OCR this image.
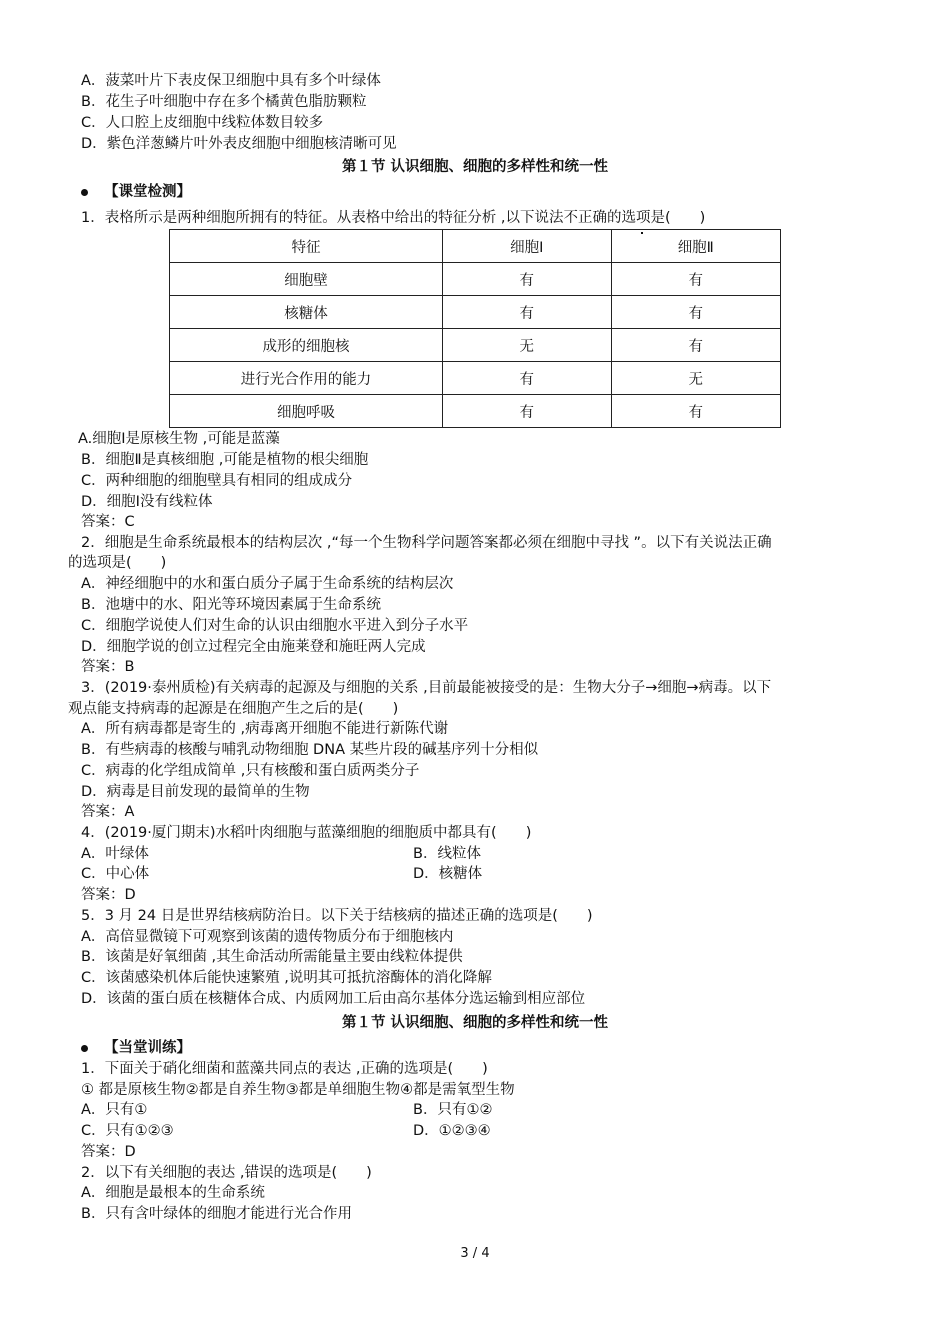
A．菠菜叶片下表皮保卫细胞中具有多个叶绿体
B．花生子叶细胞中存在多个橘黄色脂肪颗粒
C．人口腔上皮细胞中线粒体数目较多
D．紫色洋葱鳞片叶外表皮细胞中细胞核清晰可见
第１节 认识细胞、细胞的多样性和统一性
【课堂检测】
1．表格所示是两种细胞所拥有的特征。从表格中给出的特征分析 ,以下说法不正确的选项是(　　)
特征	细胞Ⅰ	细胞Ⅱ
细胞壁	有	有
核糖体	有	有
成形的细胞核	无	有
进行光合作用的能力	有	无
细胞呼吸	有	有
A.细胞Ⅰ是原核生物 ,可能是蓝藻
B．细胞Ⅱ是真核细胞 ,可能是植物的根尖细胞
C．两种细胞的细胞壁具有相同的组成成分
D．细胞Ⅰ没有线粒体
答案：C
2．细胞是生命系统最根本的结构层次 ,“每一个生物科学问题答案都必须在细胞中寻找 ”。以下有关说法正确
的选项是(　　)
A．神经细胞中的水和蛋白质分子属于生命系统的结构层次
B．池塘中的水、阳光等环境因素属于生命系统
C．细胞学说使人们对生命的认识由细胞水平进入到分子水平
D．细胞学说的创立过程完全由施莱登和施旺两人完成
答案：B
3．(2019·泰州质检)有关病毒的起源及与细胞的关系 ,目前最能被接受的是：生物大分子→细胞→病毒。以下
观点能支持病毒的起源是在细胞产生之后的是(　　)
A．所有病毒都是寄生的 ,病毒离开细胞不能进行新陈代谢
B．有些病毒的核酸与哺乳动物细胞 DNA 某些片段的碱基序列十分相似
C．病毒的化学组成简单 ,只有核酸和蛋白质两类分子
D．病毒是目前发现的最简单的生物
答案：A
4．(2019·厦门期末)水稻叶肉细胞与蓝藻细胞的细胞质中都具有(　　)
A．叶绿体	B．线粒体
C．中心体	D．核糖体
答案：D
5．3 月 24 日是世界结核病防治日。以下关于结核病的描述正确的选项是(　　)
A．高倍显微镜下可观察到该菌的遗传物质分布于细胞核内
B．该菌是好氧细菌 ,其生命活动所需能量主要由线粒体提供
C．该菌感染机体后能快速繁殖 ,说明其可抵抗溶酶体的消化降解
D．该菌的蛋白质在核糖体合成、内质网加工后由高尔基体分选运输到相应部位
第１节 认识细胞、细胞的多样性和统一性
【当堂训练】
1．下面关于硝化细菌和蓝藻共同点的表达 ,正确的选项是(　　)
① 都是原核生物②都是自养生物③都是单细胞生物④都是需氧型生物
A．只有①	B．只有①②
C．只有①②③	D．①②③④
答案：D
2．以下有关细胞的表达 ,错误的选项是(　　)
A．细胞是最根本的生命系统
B．只有含叶绿体的细胞才能进行光合作用
3 / 4
